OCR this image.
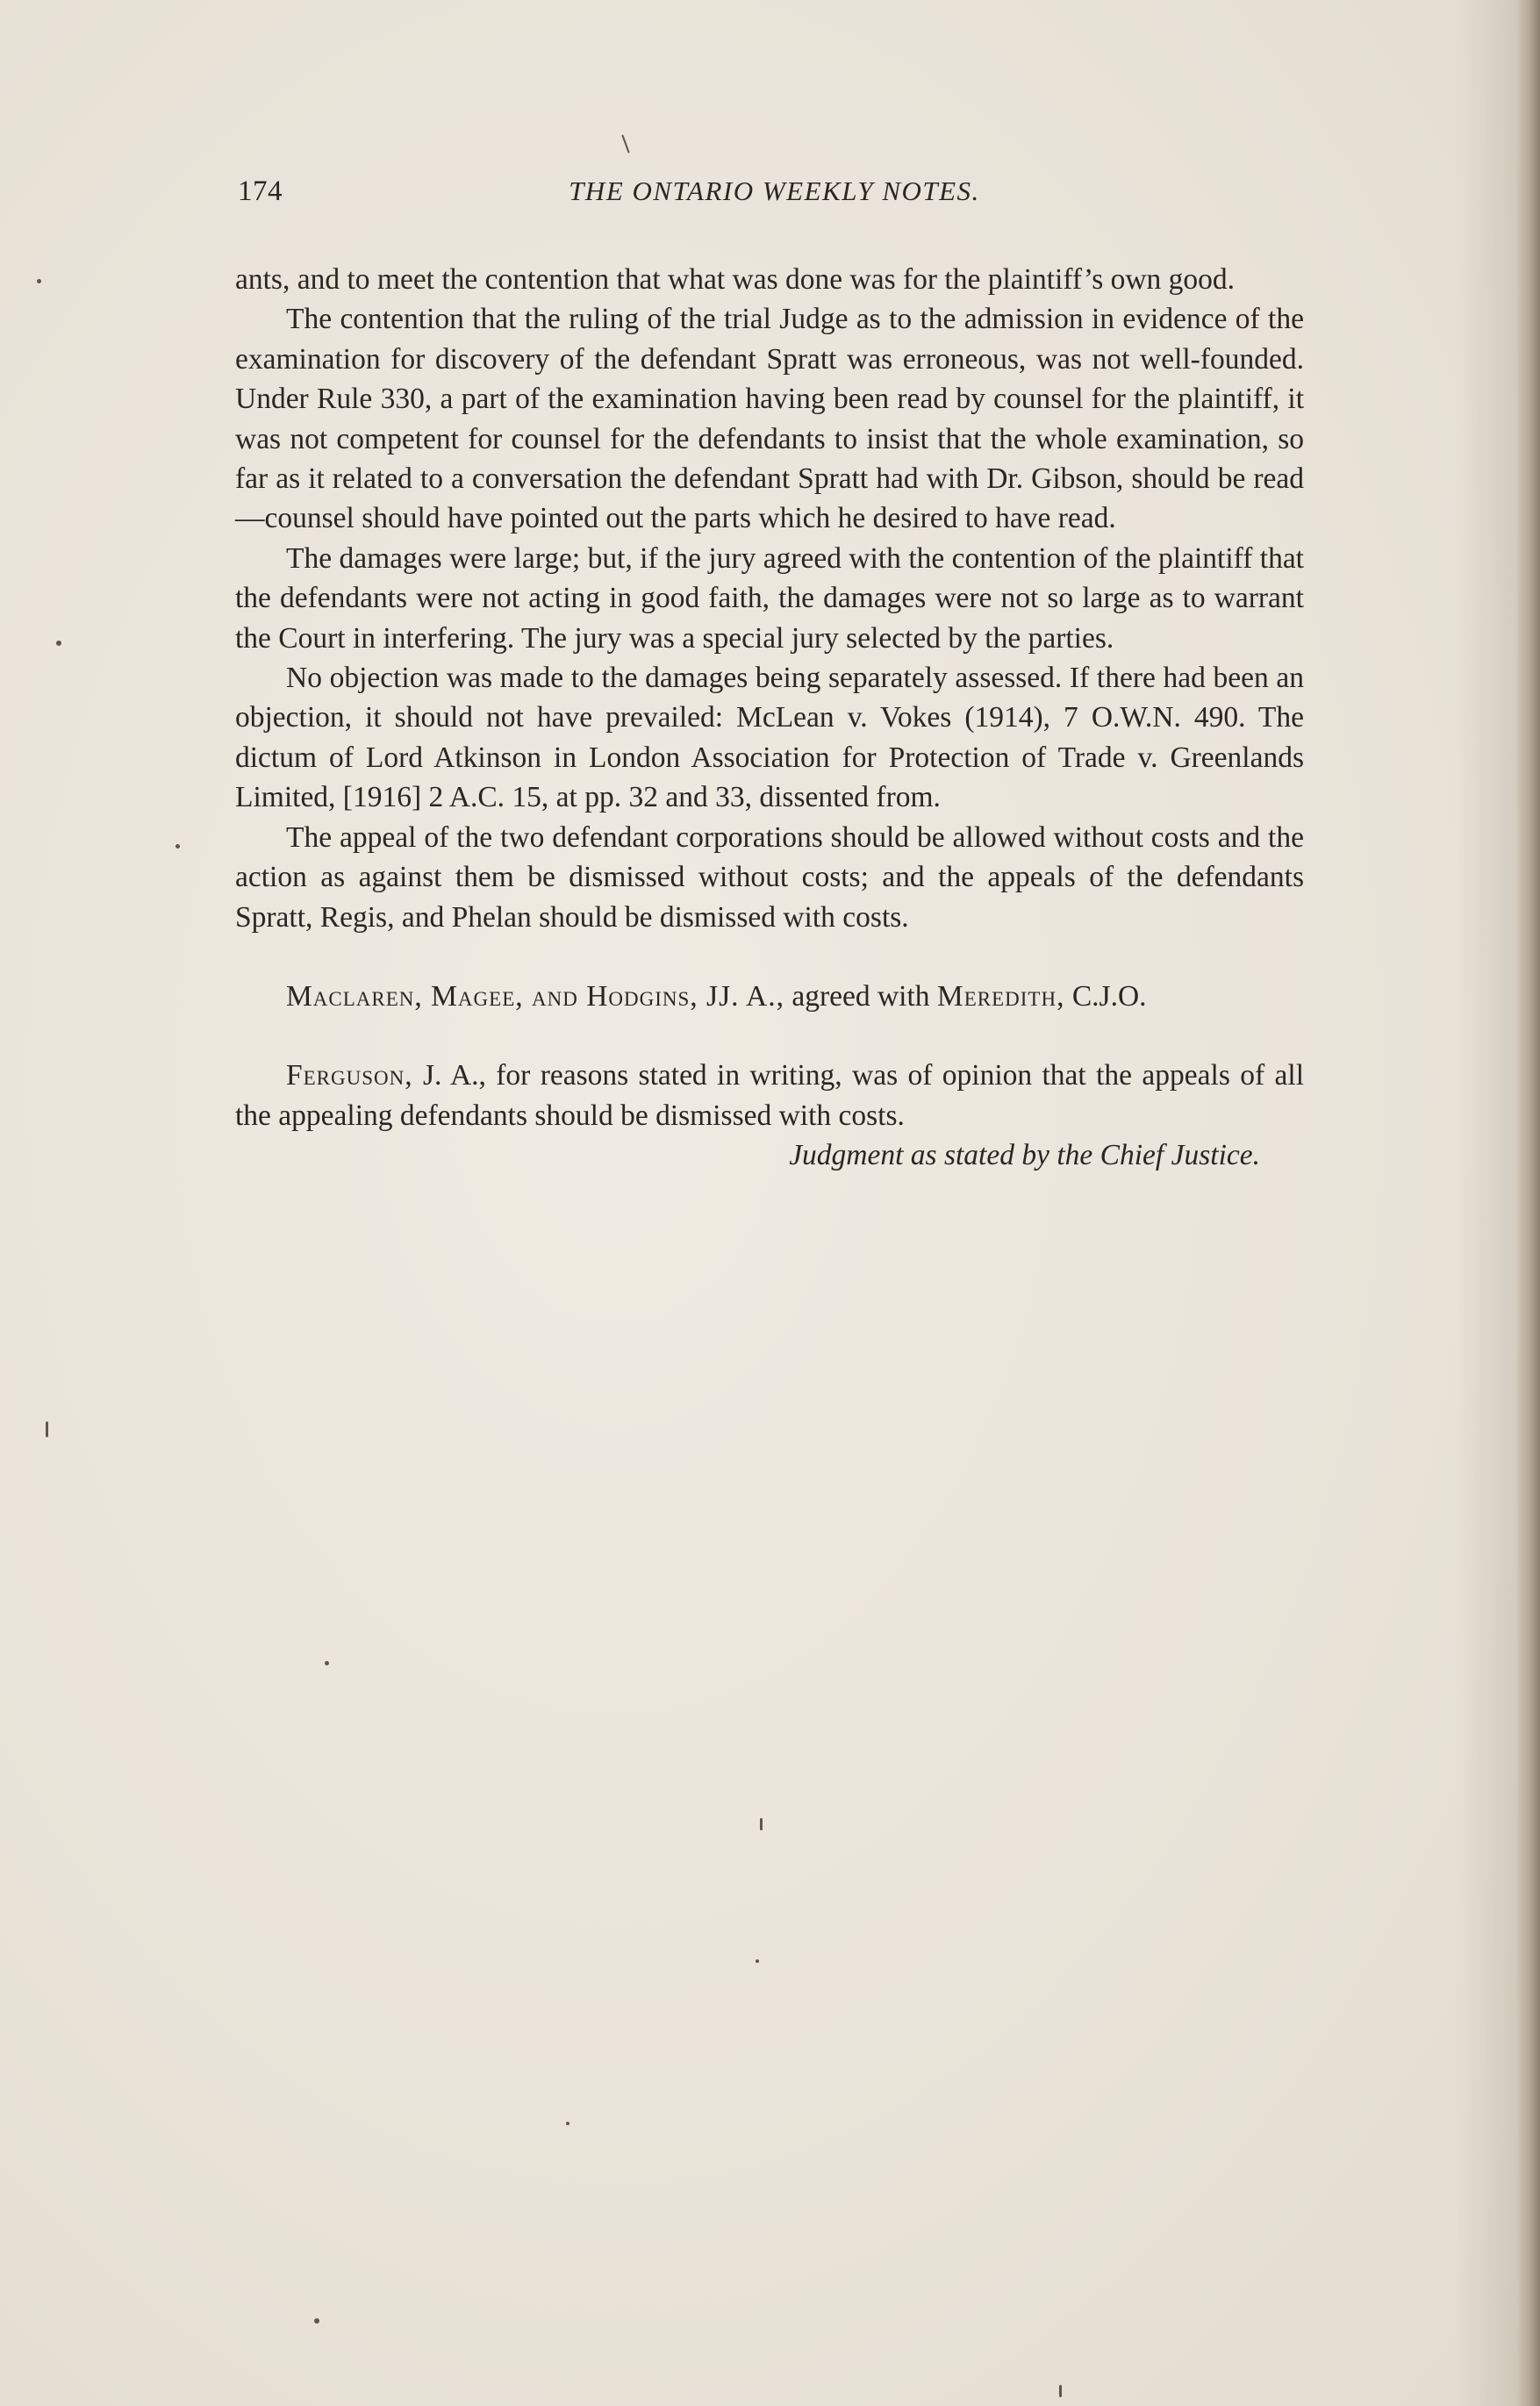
174	THE ONTARIO WEEKLY NOTES.

ants, and to meet the contention that what was done was for the plaintiff’s own good.

The contention that the ruling of the trial Judge as to the admission in evidence of the examination for discovery of the defendant Spratt was erroneous, was not well-founded. Under Rule 330, a part of the examination having been read by counsel for the plaintiff, it was not competent for counsel for the defendants to insist that the whole examination, so far as it related to a conversation the defendant Spratt had with Dr. Gibson, should be read—counsel should have pointed out the parts which he desired to have read.

The damages were large; but, if the jury agreed with the contention of the plaintiff that the defendants were not acting in good faith, the damages were not so large as to warrant the Court in interfering. The jury was a special jury selected by the parties.

No objection was made to the damages being separately assessed. If there had been an objection, it should not have prevailed: McLean v. Vokes (1914), 7 O.W.N. 490. The dictum of Lord Atkinson in London Association for Protection of Trade v. Greenlands Limited, [1916] 2 A.C. 15, at pp. 32 and 33, dissented from.

The appeal of the two defendant corporations should be allowed without costs and the action as against them be dismissed without costs; and the appeals of the defendants Spratt, Regis, and Phelan should be dismissed with costs.

Maclaren, Magee, and Hodgins, JJ. A., agreed with Meredith, C.J.O.

Ferguson, J. A., for reasons stated in writing, was of opinion that the appeals of all the appealing defendants should be dismissed with costs.

Judgment as stated by the Chief Justice.
